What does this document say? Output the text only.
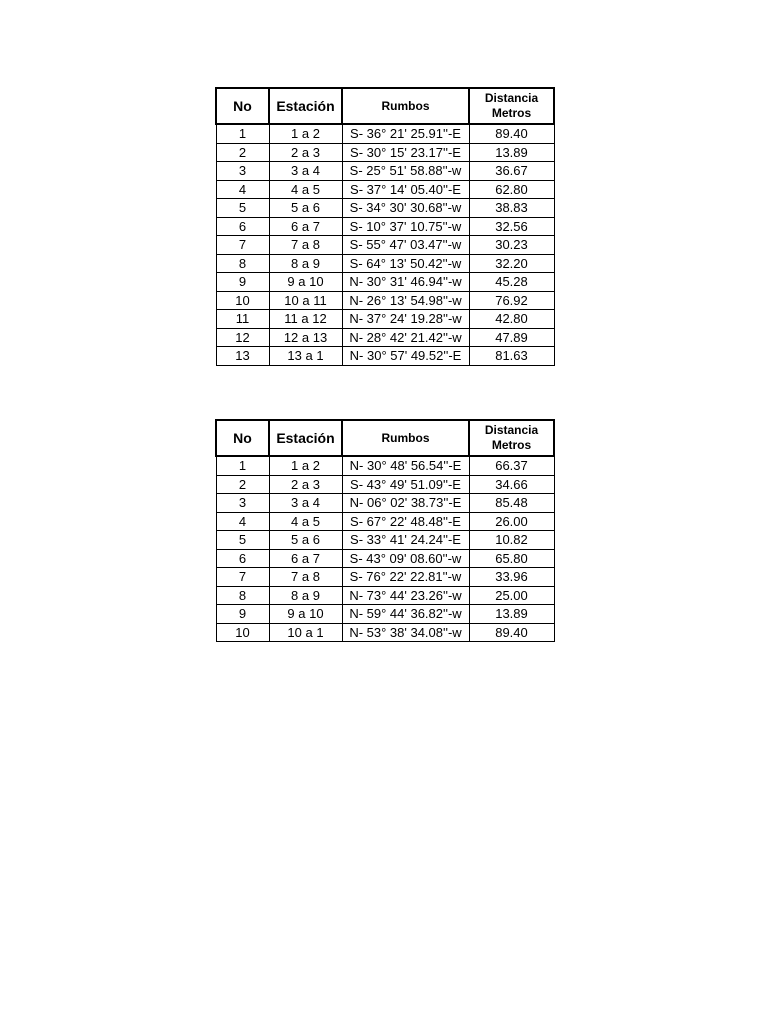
No	Estación	Rumbos	Distancia
Metros

1	1 a 2	S- 36° 21' 25.91''-E	89.40
2	2 a 3	S- 30° 15' 23.17''-E	13.89
3	3 a 4	S- 25° 51' 58.88''-w	36.67
4	4 a 5	S- 37° 14' 05.40''-E	62.80
5	5 a 6	S- 34° 30' 30.68''-w	38.83
6	6 a 7	S- 10° 37' 10.75''-w	32.56
7	7 a 8	S- 55° 47' 03.47''-w	30.23
8	8 a 9	S- 64° 13' 50.42''-w	32.20
9	9 a 10	N- 30° 31' 46.94''-w	45.28
10	10 a 11	N- 26° 13' 54.98''-w	76.92
11	11 a 12	N- 37° 24' 19.28''-w	42.80
12	12 a 13	N- 28° 42' 21.42''-w	47.89
13	13 a 1	N- 30° 57' 49.52''-E	81.63
No	Estación	Rumbos	Distancia
Metros

1	1 a 2	N- 30° 48' 56.54''-E	66.37
2	2 a 3	S- 43° 49' 51.09''-E	34.66
3	3 a 4	N- 06° 02' 38.73''-E	85.48
4	4 a 5	S- 67° 22' 48.48''-E	26.00
5	5 a 6	S- 33° 41' 24.24''-E	10.82
6	6 a 7	S- 43° 09' 08.60''-w	65.80
7	7 a 8	S- 76° 22' 22.81''-w	33.96
8	8 a 9	N- 73° 44' 23.26''-w	25.00
9	9 a 10	N- 59° 44' 36.82''-w	13.89
10	10 a 1	N- 53° 38' 34.08''-w	89.40
